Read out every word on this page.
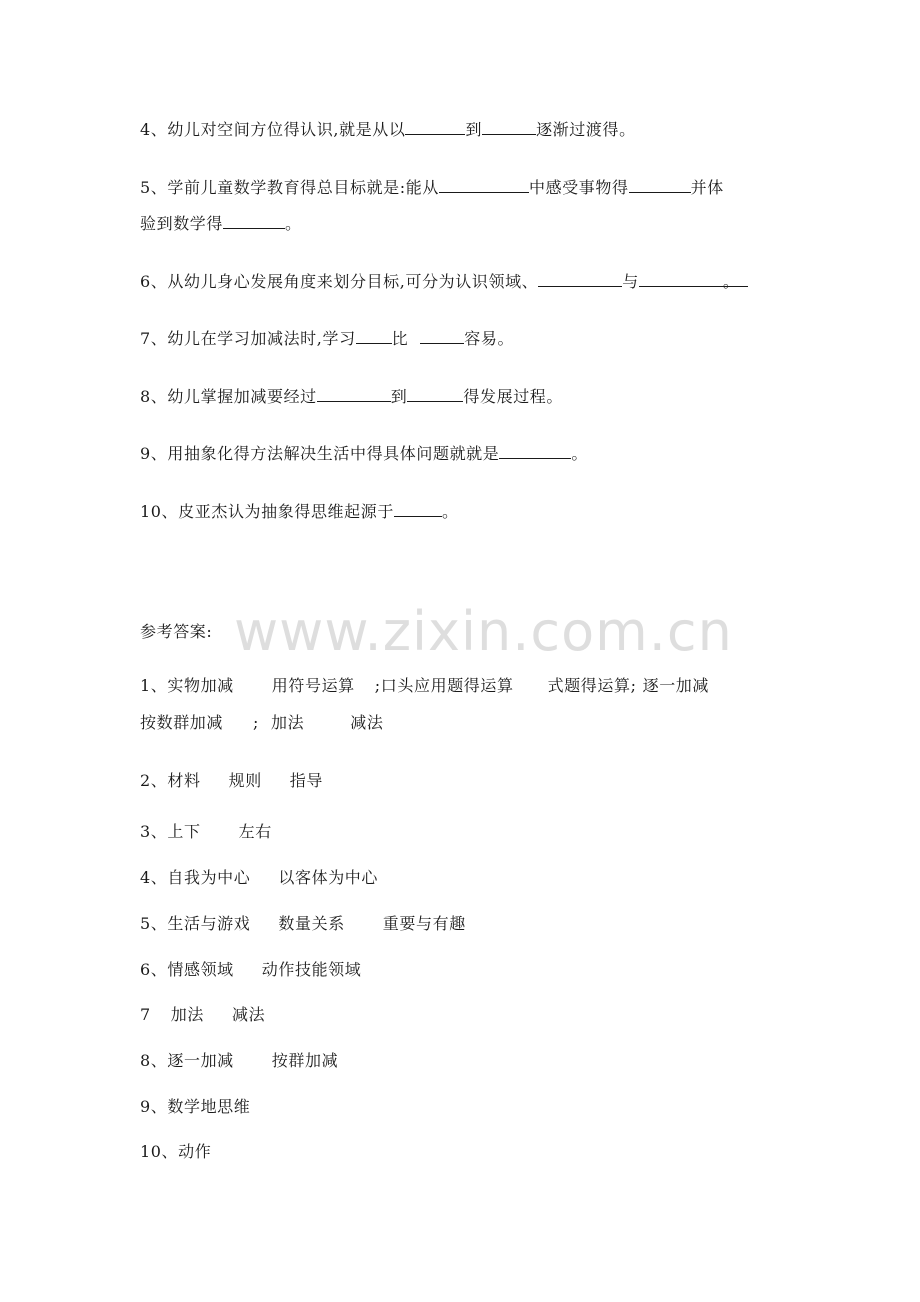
4、幼儿对空间方位得认识,就是从以	到	逐渐过渡得。
5、学前儿童数学教育得总目标就是:能从	中感受事物得	并体
验到数学得	。
6、从幼儿身心发展角度来划分目标,可分为认识领域、	与	。
7、幼儿在学习加减法时,学习 比	容易。
8、幼儿掌握加减要经过	到	得发展过程。
9、用抽象化得方法解决生活中得具体问题就就是	。
10、皮亚杰认为抽象得思维起源于	。
www.zixin.com.cn
参考答案:
1、实物加减 用符号运算 ;口头应用题得运算 式题得运算; 逐一加减
按数群加减 ; 加法	减法
2、材料 规则 指导
3、上下 左右
4、自我为中心 以客体为中心
5、生活与游戏 数量关系 重要与有趣
6、情感领域 动作技能领域
7 加法 减法
8、逐一加减 按群加减
9、数学地思维
10、动作
